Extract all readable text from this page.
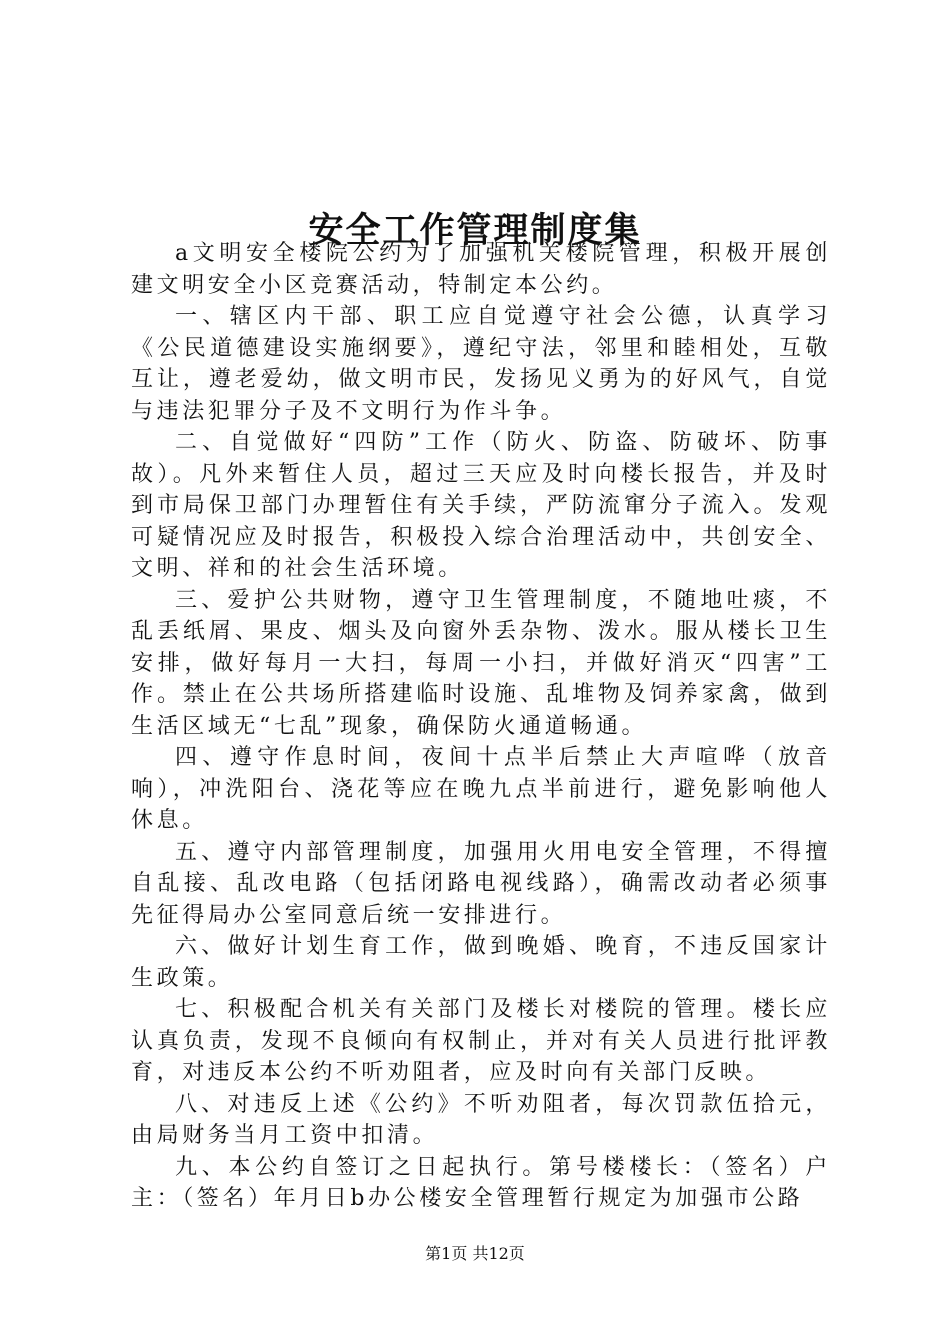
安全工作管理制度集

a文明安全楼院公约为了加强机关楼院管理，积极开展创建文明安全小区竞赛活动，特制定本公约。

一、辖区内干部、职工应自觉遵守社会公德，认真学习《公民道德建设实施纲要》，遵纪守法，邻里和睦相处，互敬互让，遵老爱幼，做文明市民，发扬见义勇为的好风气，自觉与违法犯罪分子及不文明行为作斗争。

二、自觉做好“四防”工作（防火、防盗、防破坏、防事故）。凡外来暂住人员，超过三天应及时向楼长报告，并及时到市局保卫部门办理暂住有关手续，严防流窜分子流入。发观可疑情况应及时报告，积极投入综合治理活动中，共创安全、文明、祥和的社会生活环境。

三、爱护公共财物，遵守卫生管理制度，不随地吐痰，不乱丢纸屑、果皮、烟头及向窗外丢杂物、泼水。服从楼长卫生安排，做好每月一大扫，每周一小扫，并做好消灭“四害”工作。禁止在公共场所搭建临时设施、乱堆物及饲养家禽，做到生活区域无“七乱”现象，确保防火通道畅通。

四、遵守作息时间，夜间十点半后禁止大声喧哗（放音响），冲洗阳台、浇花等应在晚九点半前进行，避免影响他人休息。

五、遵守内部管理制度，加强用火用电安全管理，不得擅自乱接、乱改电路（包括闭路电视线路），确需改动者必须事先征得局办公室同意后统一安排进行。

六、做好计划生育工作，做到晚婚、晚育，不违反国家计生政策。

七、积极配合机关有关部门及楼长对楼院的管理。楼长应认真负责，发现不良倾向有权制止，并对有关人员进行批评教育，对违反本公约不听劝阻者，应及时向有关部门反映。

八、对违反上述《公约》不听劝阻者，每次罚款伍拾元，由局财务当月工资中扣清。

九、本公约自签订之日起执行。第号楼楼长：（签名）户主：（签名）年月日b办公楼安全管理暂行规定为加强市公路

第1页 共12页
